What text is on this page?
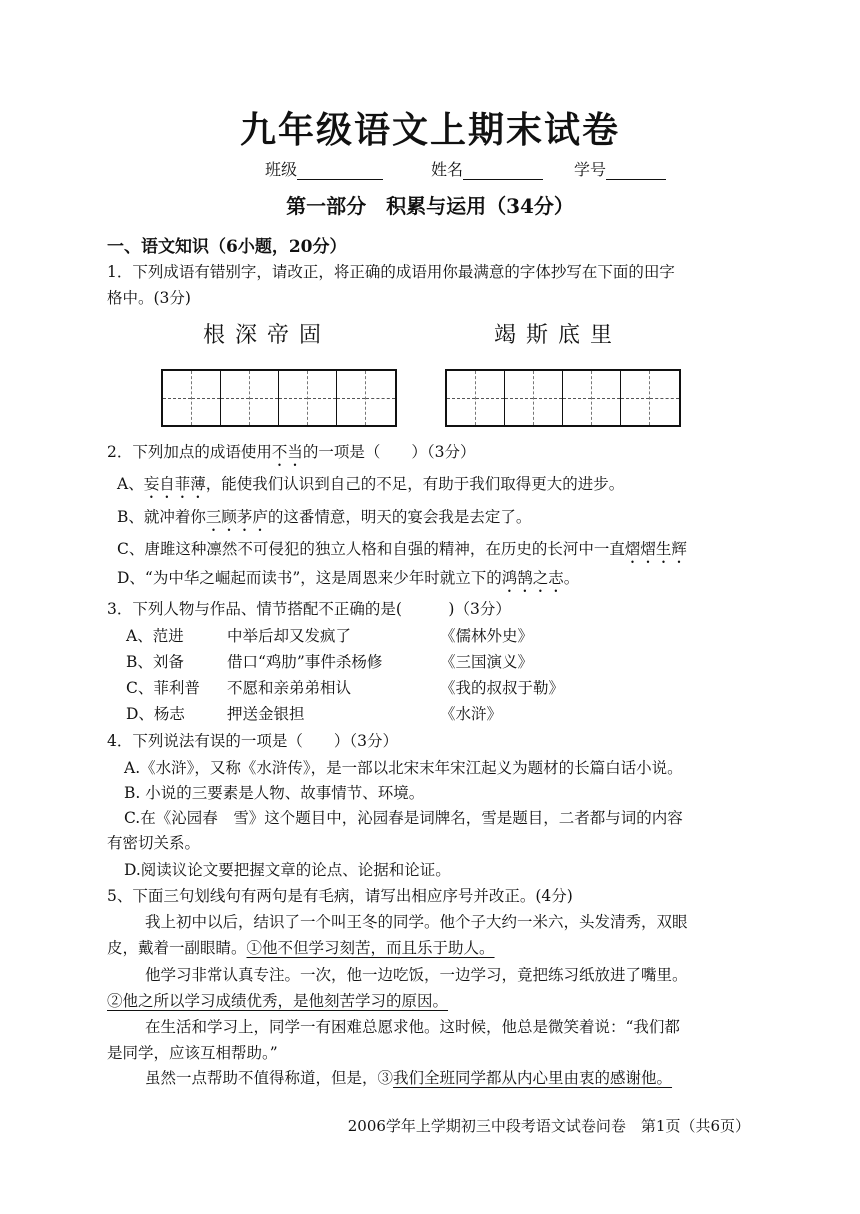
九年级语文上期末试卷
班级	姓名	学号
第一部分　积累与运用（34分）
一、语文知识（6小题，20分）
1．下列成语有错别字，请改正，将正确的成语用你最满意的字体抄写在下面的田字
格中。(3分)
根深帝固	竭斯底里
2．下列加点的成语使用不当的一项是（　　）（3分）
A、妄自菲薄，能使我们认识到自己的不足，有助于我们取得更大的进步。
B、就冲着你三顾茅庐的这番情意，明天的宴会我是去定了。
C、唐雎这种凛然不可侵犯的独立人格和自强的精神，在历史的长河中一直熠熠生辉
D、“为中华之崛起而读书”，这是周恩来少年时就立下的鸿鹄之志。
3．下列人物与作品、情节搭配不正确的是(　　　)（3分）
A、范进	中举后却又发疯了	《儒林外史》
B、刘备	借口“鸡肋”事件杀杨修	《三国演义》
C、菲利普 不愿和亲弟弟相认	《我的叔叔于勒》
D、杨志	押送金银担	《水浒》
4．下列说法有误的一项是（　　）（3分）
A.《水浒》，又称《水浒传》，是一部以北宋末年宋江起义为题材的长篇白话小说。
B. 小说的三要素是人物、故事情节、环境。
C.在《沁园春　雪》这个题目中，沁园春是词牌名，雪是题目，二者都与词的内容
有密切关系。
D.阅读议论文要把握文章的论点、论据和论证。
5、下面三句划线句有两句是有毛病，请写出相应序号并改正。(4分)
我上初中以后，结识了一个叫王冬的同学。他个子大约一米六，头发清秀，双眼
皮，戴着一副眼睛。①他不但学习刻苦，而且乐于助人。
他学习非常认真专注。一次，他一边吃饭，一边学习，竟把练习纸放进了嘴里。
②他之所以学习成绩优秀，是他刻苦学习的原因。
在生活和学习上，同学一有困难总愿求他。这时候，他总是微笑着说：“我们都
是同学，应该互相帮助。”
虽然一点帮助不值得称道，但是，③我们全班同学都从内心里由衷的感谢他。
2006学年上学期初三中段考语文试卷问卷　第1页（共6页）
